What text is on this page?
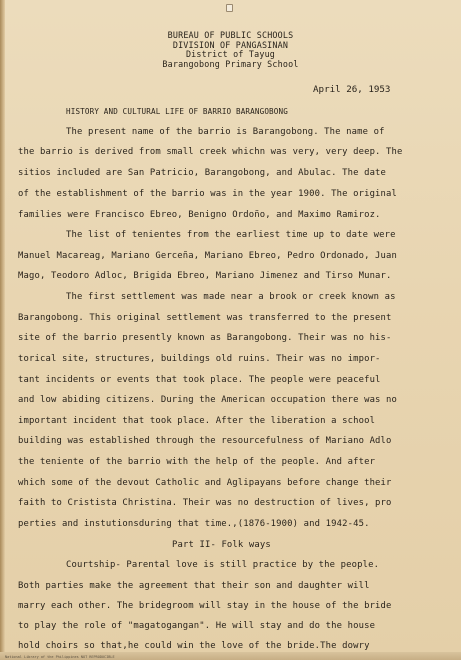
BUREAU OF PUBLIC SCHOOLS
DIVISION OF PANGASINAN
District of Tayug
Barangobong Primary School
April 26, 1953
HISTORY AND CULTURAL LIFE OF BARRIO BARANGOBONG
The present name of the barrio is Barangobong. The name of
the barrio is derived from small creek whichn was very, very deep. The
sitios included are San Patricio, Barangobong, and Abulac. The date
of the establishment of the barrio was in the year 1900. The original
families were Francisco Ebreo, Benigno Ordoño, and Maximo Ramiroz.
The list of tenientes from the earliest time up to date were
Manuel Macareag, Mariano Gerceña, Mariano Ebreo, Pedro Ordonado, Juan
Mago, Teodoro Adloc, Brigida Ebreo, Mariano Jimenez and Tirso Munar.
The first settlement was made near a brook or creek known as
Barangobong. This original settlement was transferred to the present
site of the barrio presently known as Barangobong. Their was no his-
torical site, structures, buildings old ruins. Their was no impor-
tant incidents or events that took place. The people were peaceful
and low abiding citizens. During the American occupation there was no
important incident that took place. After the liberation a school
building was established through the resourcefulness of Mariano Adlo
the teniente of the barrio with the help of the people. And after
which some of the devout Catholic and Aglipayans before change their
faith to Cristista Christina. Their was no destruction of lives, pro
perties and instutionsduring that time.,(1876-1900) and 1942-45.
Part II- Folk ways
Courtship- Parental love is still practice by the people.
Both parties make the agreement that their son and daughter will
marry each other. The bridegroom will stay in the house of the bride
to play the role of "magatogangan". He will stay and do the house
hold choirs so that,he could win the love of the bride.The dowry
National Library of the Philippines NOT REPRODUCIBLE
